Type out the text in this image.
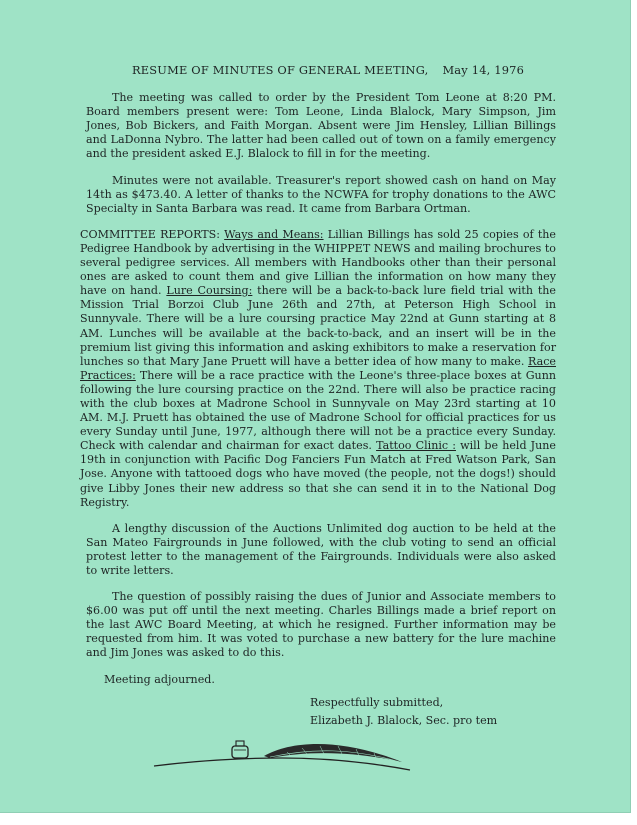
RESUME OF MINUTES OF GENERAL MEETING, May 14, 1976

The meeting was called to order by the President Tom Leone at 8:20 PM. Board members present were: Tom Leone, Linda Blalock, Mary Simpson, Jim Jones, Bob Bickers, and Faith Morgan. Absent were Jim Hensley, Lillian Billings and LaDonna Nybro. The latter had been called out of town on a family emergency and the president asked E.J. Blalock to fill in for the meeting.

Minutes were not available. Treasurer's report showed cash on hand on May 14th as $473.40. A letter of thanks to the NCWFA for trophy donations to the AWC Specialty in Santa Barbara was read. It came from Barbara Ortman.

COMMITTEE REPORTS: Ways and Means: Lillian Billings has sold 25 copies of the Pedigree Handbook by advertising in the WHIPPET NEWS and mailing brochures to several pedigree services. All members with Handbooks other than their personal ones are asked to count them and give Lillian the information on how many they have on hand. Lure Coursing: there will be a back-to-back lure field trial with the Mission Trial Borzoi Club June 26th and 27th, at Peterson High School in Sunnyvale. There will be a lure coursing practice May 22nd at Gunn starting at 8 AM. Lunches will be available at the back-to-back, and an insert will be in the premium list giving this information and asking exhibitors to make a reservation for lunches so that Mary Jane Pruett will have a better idea of how many to make. Race Practices: There will be a race practice with the Leone's three-place boxes at Gunn following the lure coursing practice on the 22nd. There will also be practice racing with the club boxes at Madrone School in Sunnyvale on May 23rd starting at 10 AM. M.J. Pruett has obtained the use of Madrone School for official practices for us every Sunday until June, 1977, although there will not be a practice every Sunday. Check with calendar and chairman for exact dates. Tattoo Clinic : will be held June 19th in conjunction with Pacific Dog Fanciers Fun Match at Fred Watson Park, San Jose. Anyone with tattooed dogs who have moved (the people, not the dogs!) should give Libby Jones their new address so that she can send it in to the National Dog Registry.

A lengthy discussion of the Auctions Unlimited dog auction to be held at the San Mateo Fairgrounds in June followed, with the club voting to send an official protest letter to the management of the Fairgrounds. Individuals were also asked to write letters.

The question of possibly raising the dues of Junior and Associate members to $6.00 was put off until the next meeting. Charles Billings made a brief report on the last AWC Board Meeting, at which he resigned. Further information may be requested from him. It was voted to purchase a new battery for the lure machine and Jim Jones was asked to do this.

Meeting adjourned.
Respectfully submitted,
Elizabeth J. Blalock, Sec. pro tem
